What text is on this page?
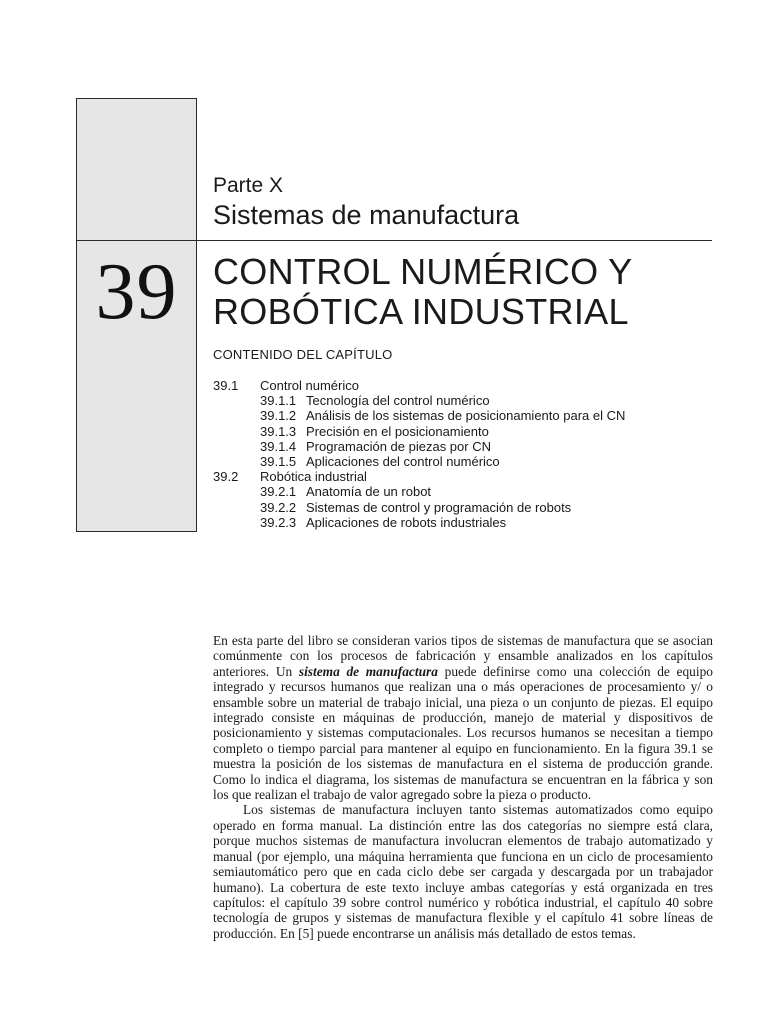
39
Parte X
Sistemas de manufactura
CONTROL NUMÉRICO Y
ROBÓTICA INDUSTRIAL
CONTENIDO DEL CAPÍTULO
39.1	Control numérico
39.1.1 Tecnología del control numérico
39.1.2 Análisis de los sistemas de posicionamiento para el CN
39.1.3 Precisión en el posicionamiento
39.1.4 Programación de piezas por CN
39.1.5 Aplicaciones del control numérico
39.2	Robótica industrial
39.2.1 Anatomía de un robot
39.2.2 Sistemas de control y programación de robots
39.2.3 Aplicaciones de robots industriales

En esta parte del libro se consideran varios tipos de sistemas de manufactura que se asocian comúnmente con los procesos de fabricación y ensamble analizados en los capítulos anteriores. Un sistema de manufactura puede definirse como una colección de equipo integrado y recursos humanos que realizan una o más operaciones de procesamiento y/ o ensamble sobre un material de trabajo inicial, una pieza o un conjunto de piezas. El equipo integrado consiste en máquinas de producción, manejo de material y dispositivos de posicionamiento y sistemas computacionales. Los recursos humanos se necesitan a tiempo completo o tiempo parcial para mantener al equipo en funcionamiento. En la figura 39.1 se muestra la posición de los sistemas de manufactura en el sistema de producción grande. Como lo indica el diagrama, los sistemas de manufactura se encuentran en la fábrica y son los que realizan el trabajo de valor agregado sobre la pieza o producto.

Los sistemas de manufactura incluyen tanto sistemas automatizados como equipo operado en forma manual. La distinción entre las dos categorías no siempre está clara, porque muchos sistemas de manufactura involucran elementos de trabajo automatizado y manual (por ejemplo, una máquina herramienta que funciona en un ciclo de procesamiento semiautomático pero que en cada ciclo debe ser cargada y descargada por un trabajador humano). La cobertura de este texto incluye ambas categorías y está organizada en tres capítulos: el capítulo 39 sobre control numérico y robótica industrial, el capítulo 40 sobre tecnología de grupos y sistemas de manufactura flexible y el capítulo 41 sobre líneas de producción. En [5] puede encontrarse un análisis más detallado de estos temas.
